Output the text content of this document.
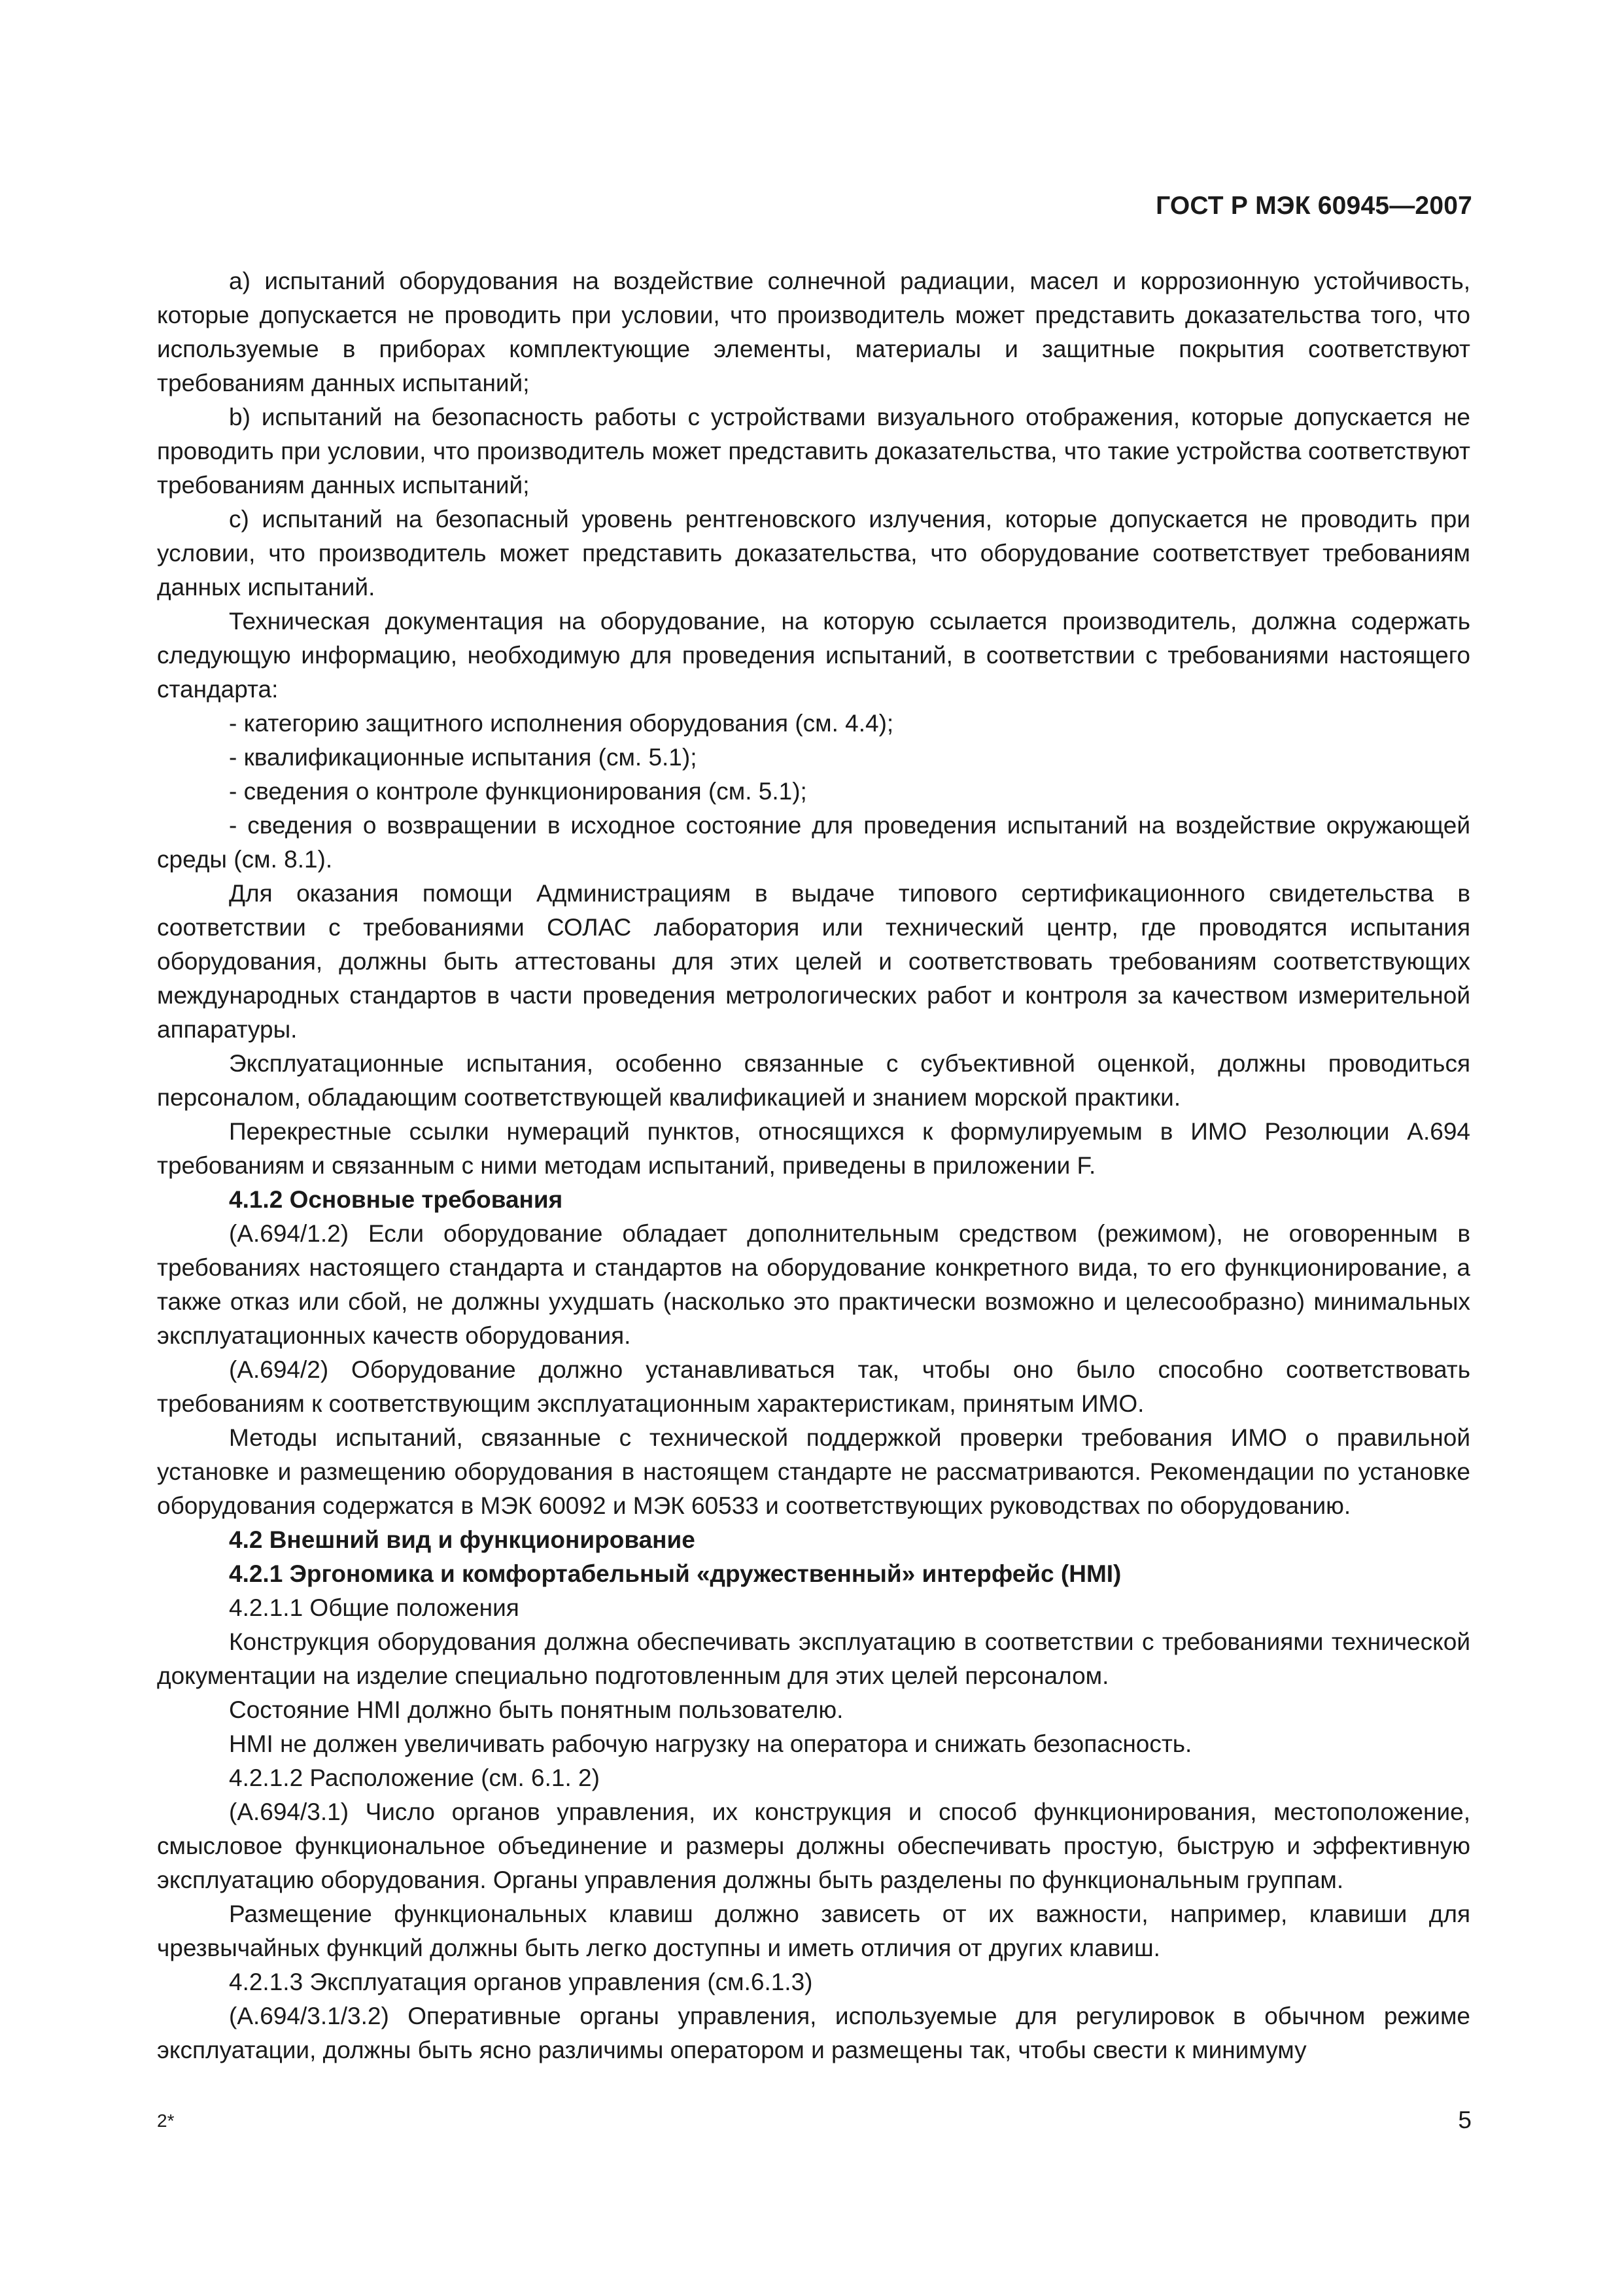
ГОСТ Р МЭК 60945—2007

а) испытаний оборудования на воздействие солнечной радиации, масел и коррозионную устойчивость, которые допускается не проводить при условии, что производитель может представить доказательства того, что используемые в приборах комплектующие элементы, материалы и защитные покрытия соответствуют требованиям данных испытаний;

b) испытаний на безопасность работы с устройствами визуального отображения, которые допускается не проводить при условии, что производитель может представить доказательства, что такие устройства соответствуют требованиям данных испытаний;

с) испытаний на безопасный уровень рентгеновского излучения, которые допускается не проводить при условии, что производитель может представить доказательства, что оборудование соответствует требованиям данных испытаний.

Техническая документация на оборудование, на которую ссылается производитель, должна содержать следующую информацию, необходимую для проведения испытаний, в соответствии с требованиями настоящего стандарта:

- категорию защитного исполнения оборудования (см. 4.4);

- квалификационные испытания (см. 5.1);

- сведения о контроле функционирования (см. 5.1);

- сведения о возвращении в исходное состояние для проведения испытаний на воздействие окружающей среды (см. 8.1).

Для оказания помощи Администрациям в выдаче типового сертификационного свидетельства в соответствии с требованиями СОЛАС лаборатория или технический центр, где проводятся испытания оборудования, должны быть аттестованы для этих целей и соответствовать требованиям соответствующих международных стандартов в части проведения метрологических работ и контроля за качеством измерительной аппаратуры.

Эксплуатационные испытания, особенно связанные с субъективной оценкой, должны проводиться персоналом, обладающим соответствующей квалификацией и знанием морской практики.

Перекрестные ссылки нумераций пунктов, относящихся к формулируемым в ИМО Резолюции А.694 требованиям и связанным с ними методам испытаний, приведены в приложении F.

4.1.2 Основные требования

(А.694/1.2) Если оборудование обладает дополнительным средством (режимом), не оговоренным в требованиях настоящего стандарта и стандартов на оборудование конкретного вида, то его функционирование, а также отказ или сбой, не должны ухудшать (насколько это практически возможно и целесообразно) минимальных эксплуатационных качеств оборудования.

(А.694/2) Оборудование должно устанавливаться так, чтобы оно было способно соответствовать требованиям к соответствующим эксплуатационным характеристикам, принятым ИМО.

Методы испытаний, связанные с технической поддержкой проверки требования ИМО о правильной установке и размещению оборудования в настоящем стандарте не рассматриваются. Рекомендации по установке оборудования содержатся в МЭК 60092 и МЭК 60533 и соответствующих руководствах по оборудованию.

4.2 Внешний вид и функционирование

4.2.1 Эргономика и комфортабельный «дружественный» интерфейс (HMI)

4.2.1.1 Общие положения

Конструкция оборудования должна обеспечивать эксплуатацию в соответствии с требованиями технической документации на изделие специально подготовленным для этих целей персоналом.

Состояние HMI должно быть понятным пользователю.

HMI не должен увеличивать рабочую нагрузку на оператора и снижать безопасность.

4.2.1.2 Расположение (см. 6.1. 2)

(А.694/3.1) Число органов управления, их конструкция и способ функционирования, местоположение, смысловое функциональное объединение и размеры должны обеспечивать простую, быструю и эффективную эксплуатацию оборудования. Органы управления должны быть разделены по функциональным группам.

Размещение функциональных клавиш должно зависеть от их важности, например, клавиши для чрезвычайных функций должны быть легко доступны и иметь отличия от других клавиш.

4.2.1.3 Эксплуатация органов управления (см.6.1.3)

(А.694/3.1/3.2) Оперативные органы управления, используемые для регулировок в обычном режиме эксплуатации, должны быть ясно различимы оператором и размещены так, чтобы свести к минимуму

2*	5
